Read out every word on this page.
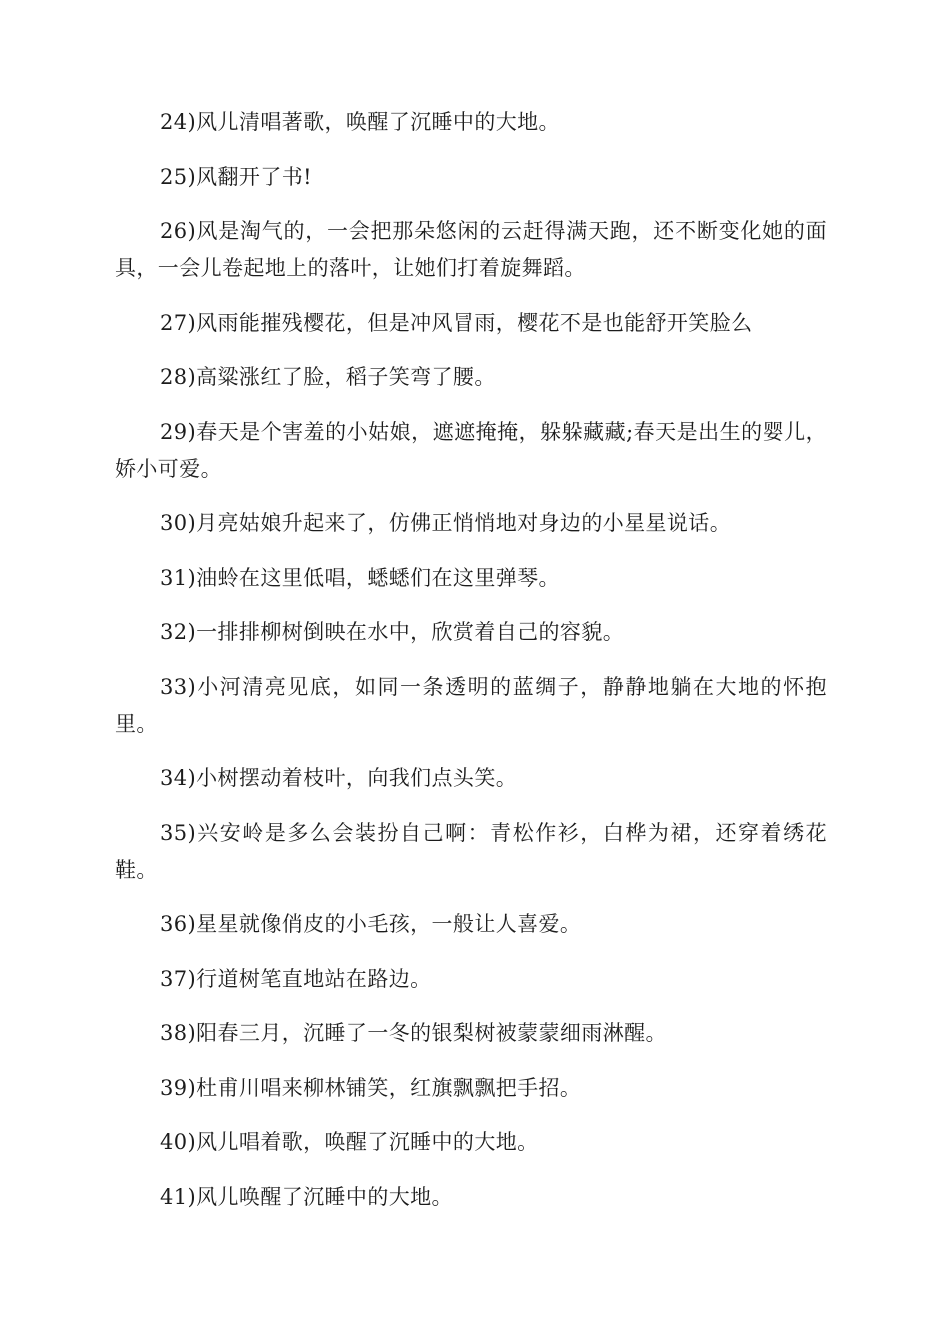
24)风儿清唱著歌，唤醒了沉睡中的大地。

25)风翻开了书!

26)风是淘气的，一会把那朵悠闲的云赶得满天跑，还不断变化她的面具，一会儿卷起地上的落叶，让她们打着旋舞蹈。

27)风雨能摧残樱花，但是冲风冒雨，樱花不是也能舒开笑脸么

28)高粱涨红了脸，稻子笑弯了腰。

29)春天是个害羞的小姑娘，遮遮掩掩，躲躲藏藏;春天是出生的婴儿，娇小可爱。

30)月亮姑娘升起来了，仿佛正悄悄地对身边的小星星说话。

31)油蛉在这里低唱，蟋蟋们在这里弹琴。

32)一排排柳树倒映在水中，欣赏着自己的容貌。

33)小河清亮见底，如同一条透明的蓝绸子，静静地躺在大地的怀抱里。

34)小树摆动着枝叶，向我们点头笑。

35)兴安岭是多么会装扮自己啊：青松作衫，白桦为裙，还穿着绣花鞋。

36)星星就像俏皮的小毛孩，一般让人喜爱。

37)行道树笔直地站在路边。

38)阳春三月，沉睡了一冬的银梨树被蒙蒙细雨淋醒。

39)杜甫川唱来柳林铺笑，红旗飘飘把手招。

40)风儿唱着歌，唤醒了沉睡中的大地。

41)风儿唤醒了沉睡中的大地。
